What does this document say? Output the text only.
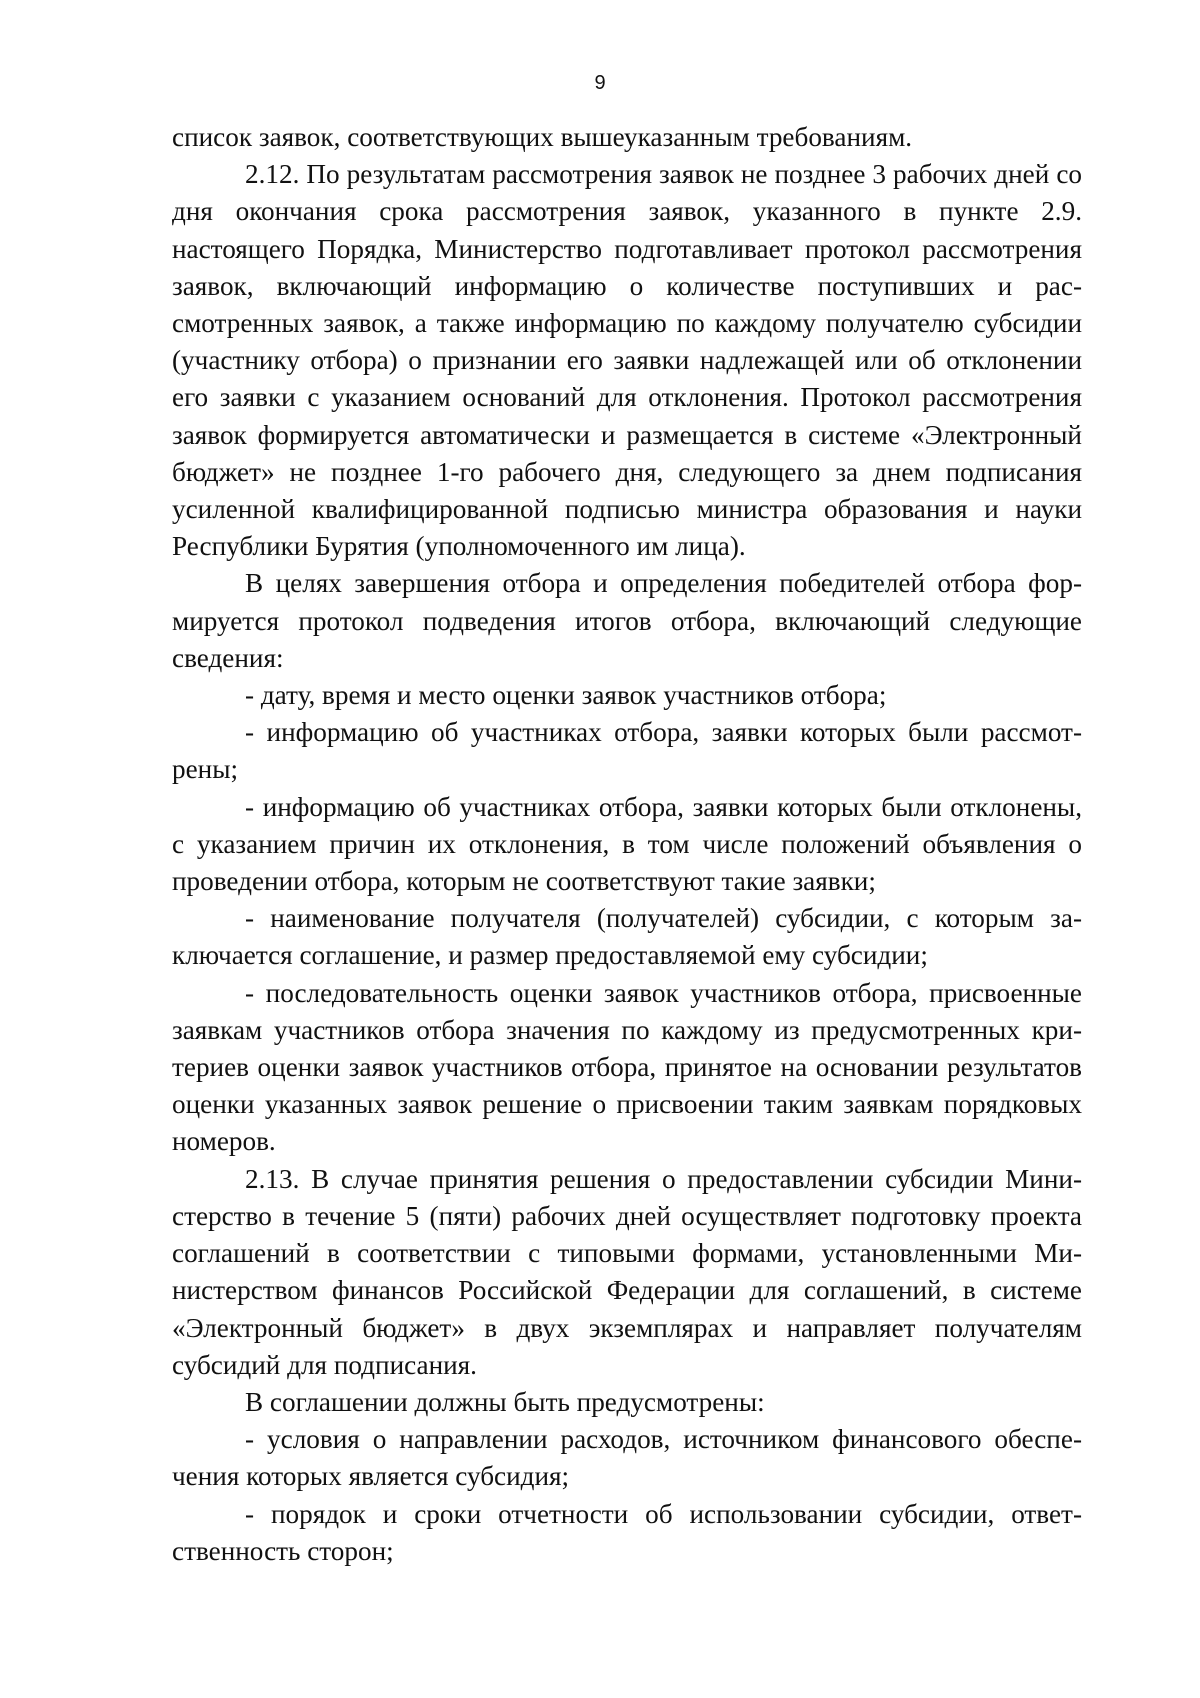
9

список заявок, соответствующих вышеуказанным требованиям.

2.12. По результатам рассмотрения заявок не позднее 3 рабочих дней со дня окончания срока рассмотрения заявок, указанного в пункте 2.9. настоящего Порядка, Министерство подготавливает протокол рассмотрения заявок, включающий информацию о количестве поступивших и рассмотренных заявок, а также информацию по каждому получателю субсидии (участнику отбора) о признании его заявки надлежащей или об отклонении его заявки с указанием оснований для отклонения. Протокол рассмотрения заявок формируется автоматически и размещается в системе «Электронный бюджет» не позднее 1-го рабочего дня, следующего за днем подписания усиленной квалифицированной подписью министра образования и науки Республики Бурятия (уполномоченного им лица).

В целях завершения отбора и определения победителей отбора формируется протокол подведения итогов отбора, включающий следующие сведения:

- дату, время и место оценки заявок участников отбора;

- информацию об участниках отбора, заявки которых были рассмотрены;

- информацию об участниках отбора, заявки которых были отклонены, с указанием причин их отклонения, в том числе положений объявления о проведении отбора, которым не соответствуют такие заявки;

- наименование получателя (получателей) субсидии, с которым заключается соглашение, и размер предоставляемой ему субсидии;

- последовательность оценки заявок участников отбора, присвоенные заявкам участников отбора значения по каждому из предусмотренных критериев оценки заявок участников отбора, принятое на основании результатов оценки указанных заявок решение о присвоении таким заявкам порядковых номеров.

2.13. В случае принятия решения о предоставлении субсидии Министерство в течение 5 (пяти) рабочих дней осуществляет подготовку проекта соглашений в соответствии с типовыми формами, установленными Министерством финансов Российской Федерации для соглашений, в системе «Электронный бюджет» в двух экземплярах и направляет получателям субсидий для подписания.

В соглашении должны быть предусмотрены:

- условия о направлении расходов, источником финансового обеспечения которых является субсидия;

- порядок и сроки отчетности об использовании субсидии, ответственность сторон;
